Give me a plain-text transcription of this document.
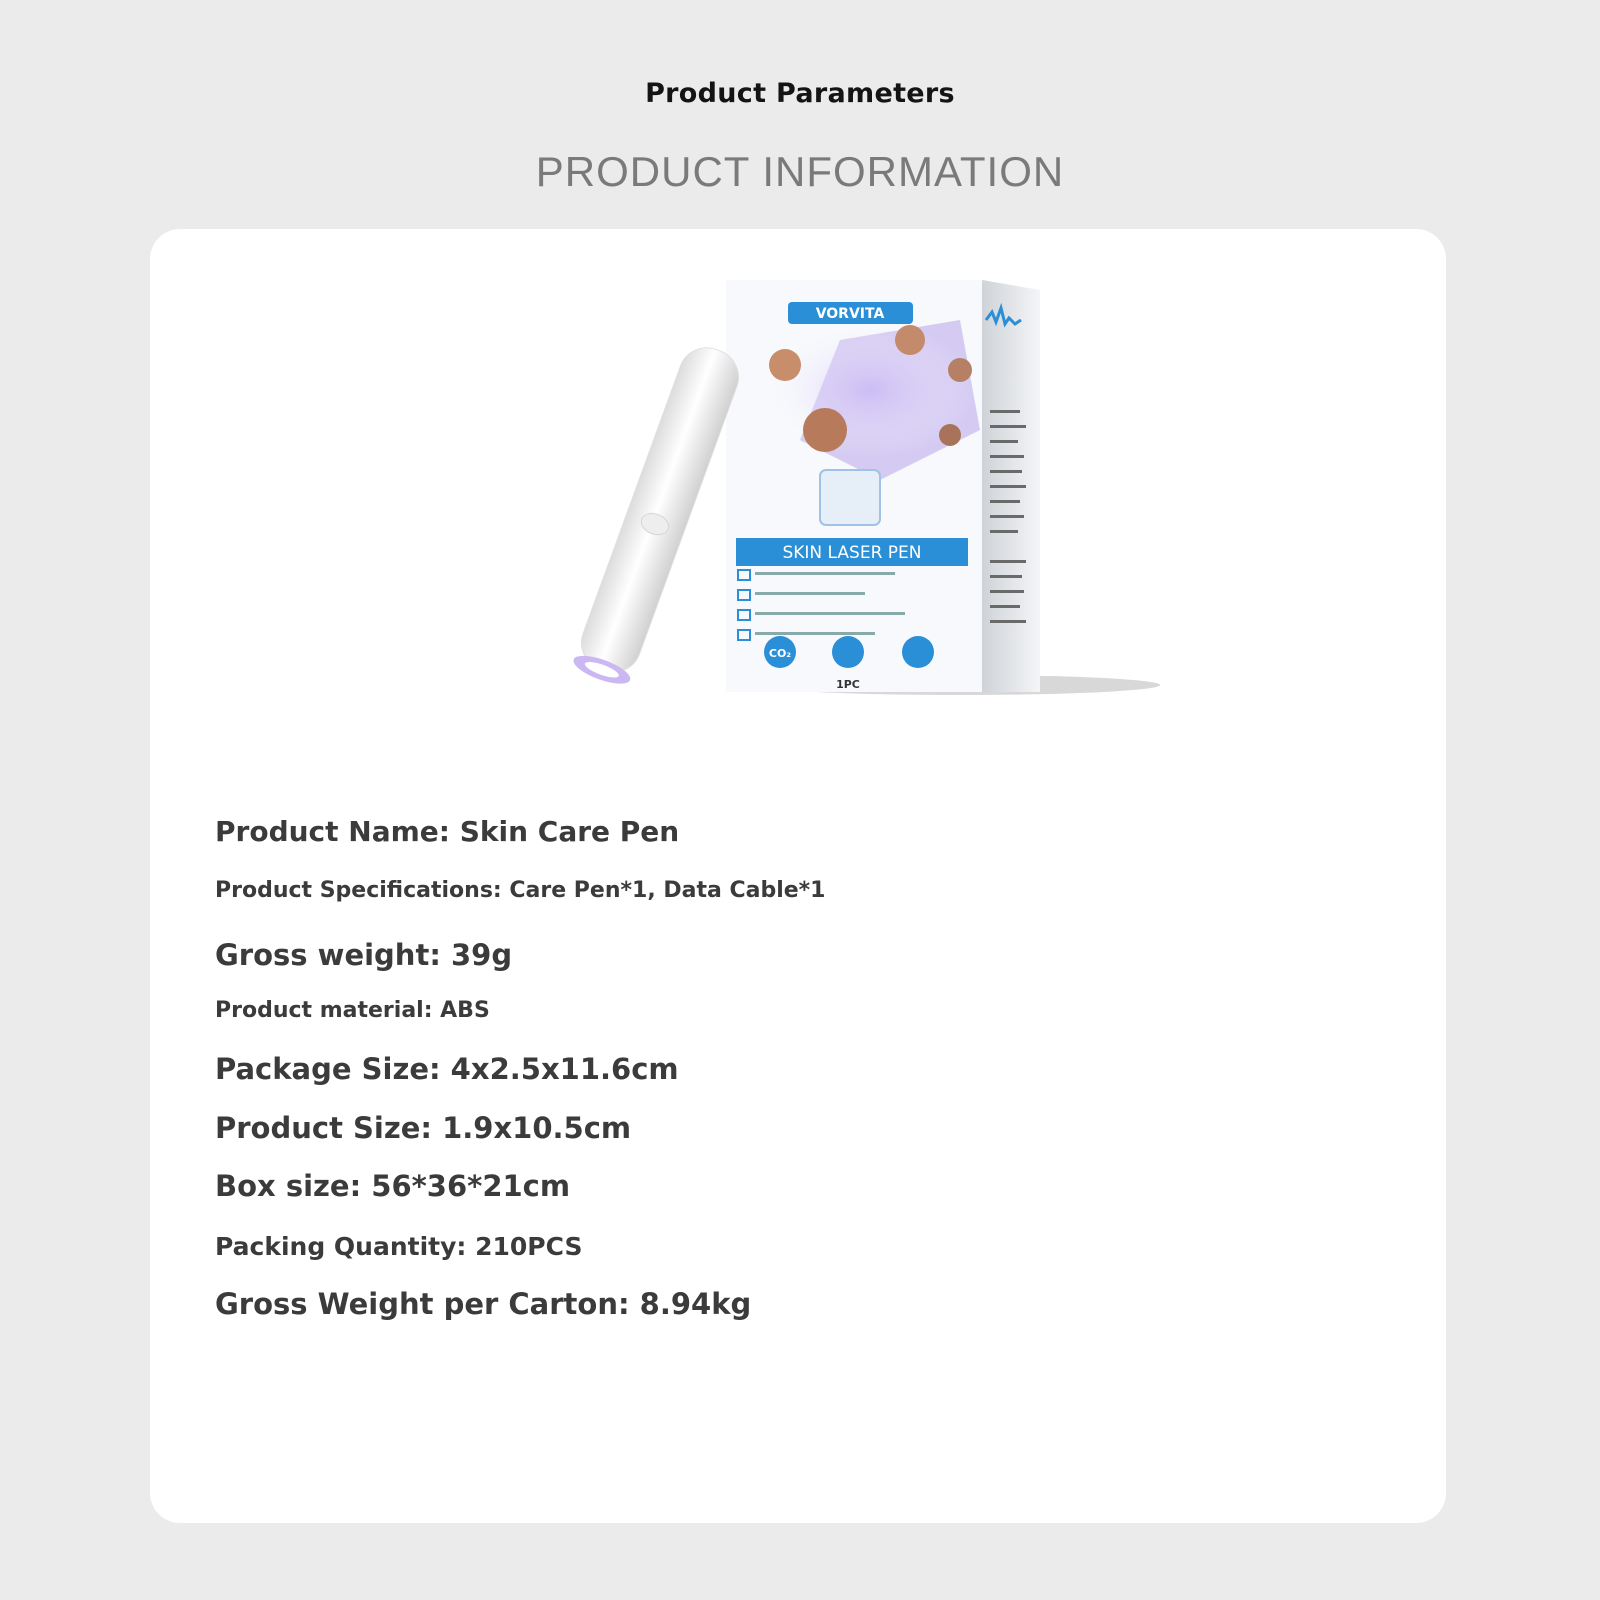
Product Parameters
PRODUCT INFORMATION
VORVITA
SKIN LASER PEN
CO₂
1PC
Product Name: Skin Care Pen
Product Specifications: Care Pen*1, Data Cable*1
Gross weight: 39g
Product material: ABS
Package Size: 4x2.5x11.6cm
Product Size: 1.9x10.5cm
Box size: 56*36*21cm
Packing Quantity: 210PCS
Gross Weight per Carton: 8.94kg
